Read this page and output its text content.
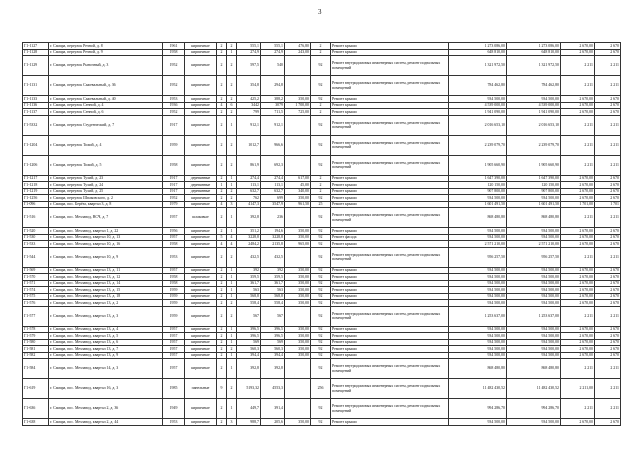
3
Г1-1127	г. Самара, переулок Речной, д. 8	1961	кирпичные	2	2	555,1	555,1	476,80	2	Ремонт крыши	1 273 086,00	1 273 086,00	2 670,00	2 670
Г1-1128	г. Самара, переулок Речной, д. 9	1958	кирпичные	2	1	274,9	274,9	243,00	2	Ремонт крыши	648 810,00	648 810,00	2 670,00	2 670
Г1-1129	г. Самара, переулок Рыночный, д. 3	1952	кирпичные	2	2	597,5	540		92	Ремонт внутридомовых инженерных систем, ремонт подвальных помещений	1 321 972,50	1 321 972,50	2 211	2 211
Г1-1131	г. Самара, переулок Сажевальный, д. 36	1952	кирпичные	2	2	354,8	294,8		92	Ремонт внутридомовых инженерных систем, ремонт подвальных помещений	784 462,80	784 462,80	2 211	2 211
Г1-1133	г. Самара, переулок Сажевальный, д. 40	1953	кирпичные	2	2	425,2	388,2	350,00	92	Ремонт крыши	934 500,00	934 500,00	2 670,00	2 670
Г1-1136	г. Самара, переулок Сенной, д. 4	1936	кирпичные	4	6	3442	3079	1 700,00	2	Ремонт крыши	4 539 000,00	4 539 000,00	2 670,00	2 670
Г1-1137	г. Самара, переулок Сенной, д. 6	1952	кирпичные	2	2	799	711,5	725,00	2	Ремонт крыши	1 941 090,00	1 941 090,00	2 670,00	2 670
Г1-5332	г. Самара, переулок Студенческий, д. 7	1917	кирпичные	2	1	912,1	912,1		92	Ремонт внутридомовых инженерных систем, ремонт подвальных помещений	2 016 653,10	2 016 653,10	2 211	2 211
Г1-1204	г. Самара, переулок Тихий, д. 4	1959	кирпичные	2	2	1012,7	966,6		92	Ремонт внутридомовых инженерных систем, ремонт подвальных помещений	2 239 079,70	2 239 079,70	2 211	2 211
Г1-1206	г. Самара, переулок Тихий, д. 5	1958	кирпичные	2	2	861,9	692,3		92	Ремонт внутридомовых инженерных систем, ремонт подвальных помещений	1 905 660,90	1 905 660,90	2 211	2 211
Г1-1217	г. Самара, переулок Тухий, д. 23	1917	деревянные	2	1	274,4	274,4	617,00	2	Ремонт крыши	1 647 390,00	1 647 390,00	2 670,00	2 670
Г1-1218	г. Самара, переулок Тухий, д. 24	1917	деревянные	1	1	113,1	113,1	45,00	2	Ремонт крыши	120 150,00	120 150,00	2 670,00	2 670
Г1-1219	г. Самара, переулок Тухий, д. 25	1917	деревянные	2	2	632,7	632,7	340,00	2	Ремонт крыши	907 800,00	907 800,00	2 670,00	2 670
Г1-1256	г. Самара, переулок Шпаковского, д. 2	1952	кирпичные	2	2	762	699	350,00	92	Ремонт крыши	934 500,00	934 500,00	2 670,00	2 670
Г1-096	г. Самара, пос. Берёза, квартал 3, д. 8	1979	кирпичные	4	3	4147,3	3547,9	961,50	25	Ремонт крыши	1 601 491,50	1 601 491,50	1 701,00	1 701
Г1-516	г. Самара, пос. Мехзавод, ВСЧ, д. 7	1957	шлаковые	2	1	392,8	236		92	Ремонт внутридомовых инженерных систем, ремонт подвальных помещений	868 480,80	868 480,80	2 211	2 211
Г1-520	г. Самара, пос. Мехзавод, квартал 1, д. 22	1956	кирпичные	2	1	351,2	194,6	350,00	92	Ремонт крыши	934 500,00	934 500,00	2 670,00	2 670
Г1-530	г. Самара, пос. Мехзавод, квартал 10, д. 13	1957	кирпичные	5	4	3228,8	3228,8	350,00	92	Ремонт фасада	934 500,00	934 500,00	2 670,00	2 670
Г1-533	г. Самара, пос. Мехзавод, квартал 10, д. 16	1958	кирпичные	4	4	2484,2	2135,8	965,00	92	Ремонт крыши	2 571 210,00	2 571 210,00	2 670,00	2 670
Г1-544	г. Самара, пос. Мехзавод, квартал 10, д. 9	1953	кирпичные	2	2	432,5	432,5		92	Ремонт внутридомовых инженерных систем, ремонт подвальных помещений	956 257,50	956 257,50	2 211	2 211
Г1-569	г. Самара, пос. Мехзавод, квартал 13, д. 11	1957	кирпичные	2	1	392	392	350,00	92	Ремонт крыши	934 500,00	934 500,00	2 670,00	2 670
Г1-570	г. Самара, пос. Мехзавод, квартал 13, д. 12	1958	кирпичные	2	1	359,5	359,5	350,00	92	Ремонт крыши	934 500,00	934 500,00	2 670,00	2 670
Г1-571	г. Самара, пос. Мехзавод, квартал 13, д. 14	1958	кирпичные	2	1	361,7	361,7	350,00	92	Ремонт крыши	934 500,00	934 500,00	2 670,00	2 670
Г1-574	г. Самара, пос. Мехзавод, квартал 13, д. 15	1959	кирпичные	2	1	563	563	350,00	92	Ремонт крыши	934 500,00	934 500,00	2 670,00	2 670
Г1-575	г. Самара, пос. Мехзавод, квартал 13, д. 18	1959	кирпичные	2	1	568,8	568,8	350,00	92	Ремонт крыши	934 500,00	934 500,00	2 670,00	2 670
Г1-576	г. Самара, пос. Мехзавод, квартал 13, д. 2	1959	кирпичные	2	2	558,4	558,4	350,00	92	Ремонт крыши	934 500,00	934 500,00	2 670,00	2 670
Г1-577	г. Самара, пос. Мехзавод, квартал 13, д. 3	1959	кирпичные	2	2	567	567		92	Ремонт внутридомовых инженерных систем, ремонт подвальных помещений	1 253 637,00	1 253 637,00	2 211	2 211
Г1-578	г. Самара, пос. Мехзавод, квартал 13, д. 4	1957	кирпичные	2	1	396,5	396,5	350,00	92	Ремонт крыши	934 500,00	934 500,00	2 670,00	2 670
Г1-579	г. Самара, пос. Мехзавод, квартал 13, д. 5	1957	кирпичные	2	1	396,5	396,5	350,00	92	Ремонт крыши	934 500,00	934 500,00	2 670,00	2 670
Г1-580	г. Самара, пос. Мехзавод, квартал 13, д. 6	1957	кирпичные	2	1	569	569	350,00	92	Ремонт крыши	934 500,00	934 500,00	2 670,00	2 670
Г1-581	г. Самара, пос. Мехзавод, квартал 13, д. 7	1957	кирпичные	2	2	560,3	560,3	350,00	92	Ремонт крыши	934 500,00	934 500,00	2 670,00	2 670
Г1-582	г. Самара, пос. Мехзавод, квартал 13, д. 9	1957	кирпичные	2	1	394,4	394,4	350,00	92	Ремонт крыши	934 500,00	934 500,00	2 670,00	2 670
Г1-584	г. Самара, пос. Мехзавод, квартал 14, д. 3	1957	кирпичные	2	1	392,8	392,8		92	Ремонт внутридомовых инженерных систем, ремонт подвальных помещений	868 480,80	868 480,80	2 211	2 211
Г1-619	г. Самара, пос. Мехзавод, квартал 16, д. 3	1985	панельные	9	2	5193,32	4553,3		256	Ремонт внутридомовых инженерных систем, ремонт подвальных помещений	11 482 430,52	11 482 430,52	2 211,00	2 211
Г1-636	г. Самара, пос. Мехзавод, квартал 2, д. 36	1949	кирпичные	2	1	449,7	391,4		92	Ремонт внутридомовых инженерных систем, ремонт подвальных помещений	994 286,70	994 286,70	2 211	2 211
Г1-638	г. Самара, пос. Мехзавод, квартал 2, д. 44	1953	кирпичные	2	3	988,7	205,6	350,00	92	Ремонт крыши	934 500,00	934 500,00	2 670,00	2 670
